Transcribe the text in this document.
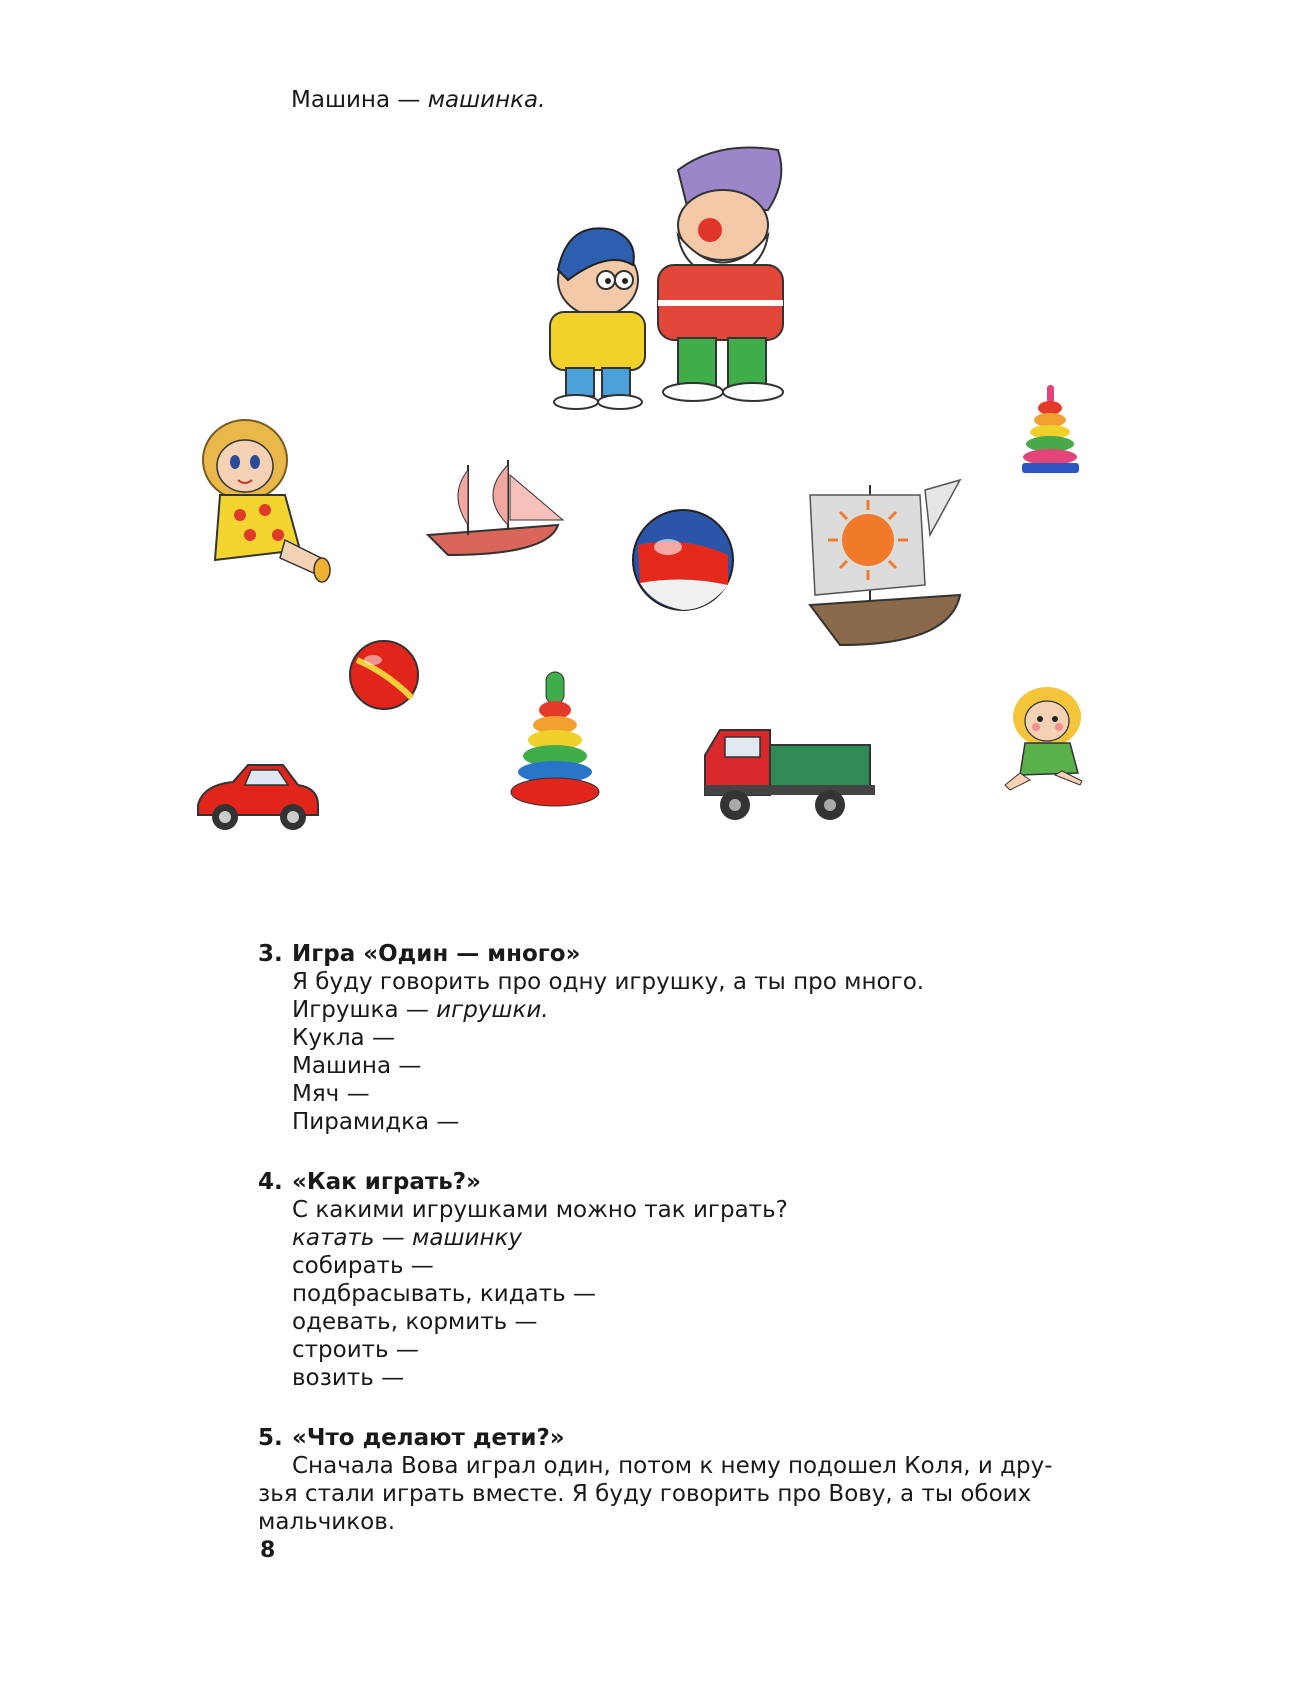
Машина — машинка.
3. Игра «Один — много»
Я буду говорить про одну игрушку, а ты про много.
Игрушка — игрушки.
Кукла —
Машина —
Мяч —
Пирамидка —
4. «Как играть?»
С какими игрушками можно так играть?
катать — машинку
собирать —
подбрасывать, кидать —
одевать, кормить —
строить —
возить —
5. «Что делают дети?»
Сначала Вова играл один, потом к нему подошел Коля, и дру-
зья стали играть вместе. Я буду говорить про Вову, а ты обоих
мальчиков.
8
